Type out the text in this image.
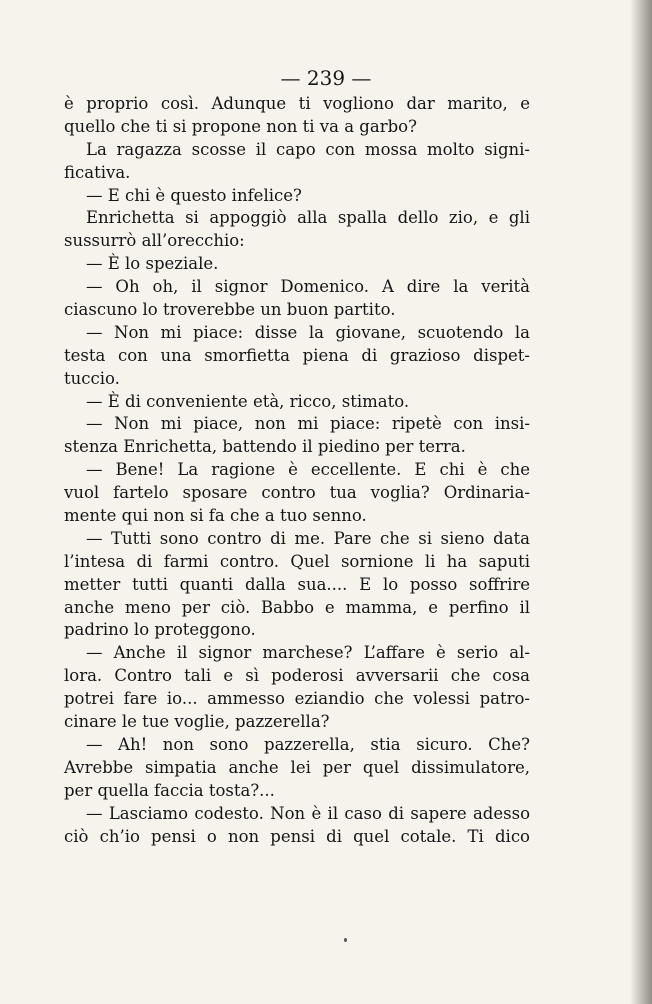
— 239 —
è proprio così. Adunque ti vogliono dar marito, e
quello che ti si propone non ti va a garbo?
La ragazza scosse il capo con mossa molto signi-
ficativa.
— E chi è questo infelice?
Enrichetta si appoggiò alla spalla dello zio, e gli
sussurrò all’orecchio:
— È lo speziale.
— Oh oh, il signor Domenico. A dire la verità
ciascuno lo troverebbe un buon partito.
— Non mi piace: disse la giovane, scuotendo la
testa con una smorfietta piena di grazioso dispet-
tuccio.
— È di conveniente età, ricco, stimato.
— Non mi piace, non mi piace: ripetè con insi-
stenza Enrichetta, battendo il piedino per terra.
— Bene! La ragione è eccellente. E chi è che
vuol fartelo sposare contro tua voglia? Ordinaria-
mente qui non si fa che a tuo senno.
— Tutti sono contro di me. Pare che si sieno data
l’intesa di farmi contro. Quel sornione li ha saputi
metter tutti quanti dalla sua.... E lo posso soffrire
anche meno per ciò. Babbo e mamma, e perfino il
padrino lo proteggono.
— Anche il signor marchese? L’affare è serio al-
lora. Contro tali e sì poderosi avversarii che cosa
potrei fare io... ammesso eziandio che volessi patro-
cinare le tue voglie, pazzerella?
— Ah! non sono pazzerella, stia sicuro. Che?
Avrebbe simpatia anche lei per quel dissimulatore,
per quella faccia tosta?...
— Lasciamo codesto. Non è il caso di sapere adesso
ciò ch’io pensi o non pensi di quel cotale. Ti dico
